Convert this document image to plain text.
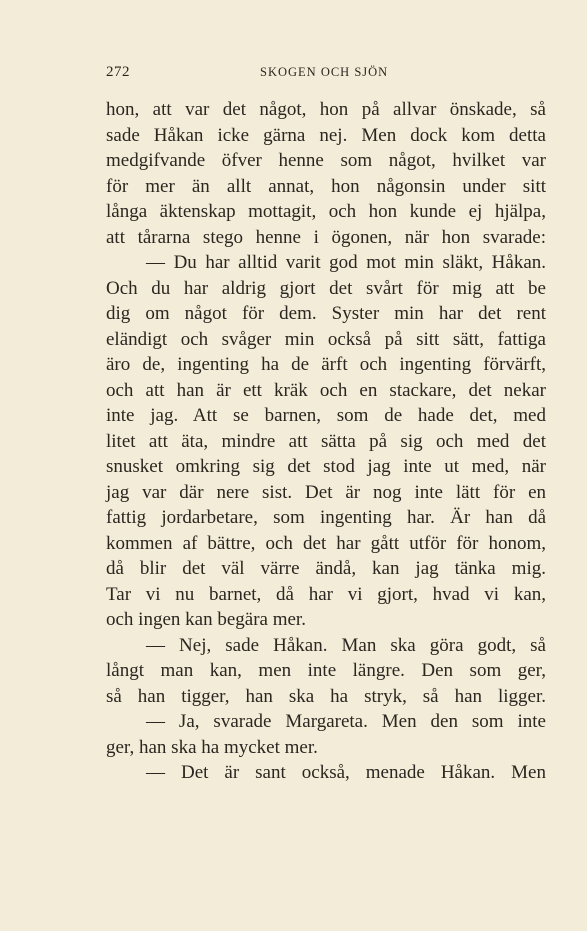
272	SKOGEN OCH SJÖN
hon, att var det något, hon på allvar önskade, så
sade Håkan icke gärna nej. Men dock kom detta
medgifvande öfver henne som något, hvilket var
för mer än allt annat, hon någonsin under sitt
långa äktenskap mottagit, och hon kunde ej hjälpa,
att tårarna stego henne i ögonen, när hon svarade:
— Du har alltid varit god mot min släkt, Håkan.
Och du har aldrig gjort det svårt för mig att be
dig om något för dem. Syster min har det rent
eländigt och svåger min också på sitt sätt, fattiga
äro de, ingenting ha de ärft och ingenting förvärft,
och att han är ett kräk och en stackare, det nekar
inte jag. Att se barnen, som de hade det, med
litet att äta, mindre att sätta på sig och med det
snusket omkring sig det stod jag inte ut med, när
jag var där nere sist. Det är nog inte lätt för en
fattig jordarbetare, som ingenting har. Är han då
kommen af bättre, och det har gått utför för honom,
då blir det väl värre ändå, kan jag tänka mig.
Tar vi nu barnet, då har vi gjort, hvad vi kan,
och ingen kan begära mer.
— Nej, sade Håkan. Man ska göra godt, så
långt man kan, men inte längre. Den som ger,
så han tigger, han ska ha stryk, så han ligger.
— Ja, svarade Margareta. Men den som inte
ger, han ska ha mycket mer.
— Det är sant också, menade Håkan. Men
